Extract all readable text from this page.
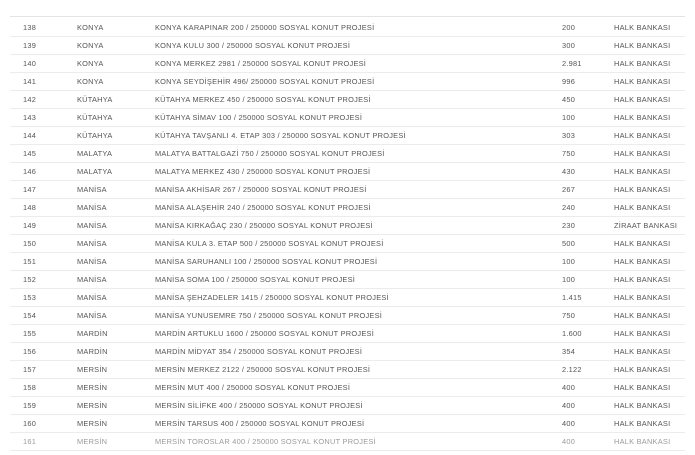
138	KONYA	KONYA KARAPINAR 200 / 250000 SOSYAL KONUT PROJESİ	200	HALK BANKASI
139	KONYA	KONYA KULU 300 / 250000 SOSYAL KONUT PROJESİ	300	HALK BANKASI
140	KONYA	KONYA MERKEZ 2981 / 250000 SOSYAL KONUT PROJESİ	2.981	HALK BANKASI
141	KONYA	KONYA SEYDİŞEHİR 496/ 250000 SOSYAL KONUT PROJESİ	996	HALK BANKASI
142	KÜTAHYA	KÜTAHYA MERKEZ 450 / 250000 SOSYAL KONUT PROJESİ	450	HALK BANKASI
143	KÜTAHYA	KÜTAHYA SİMAV 100 / 250000 SOSYAL KONUT PROJESİ	100	HALK BANKASI
144	KÜTAHYA	KÜTAHYA TAVŞANLI 4. ETAP 303 / 250000 SOSYAL KONUT PROJESİ	303	HALK BANKASI
145	MALATYA	MALATYA BATTALGAZİ 750 / 250000 SOSYAL KONUT PROJESİ	750	HALK BANKASI
146	MALATYA	MALATYA MERKEZ 430 / 250000 SOSYAL KONUT PROJESİ	430	HALK BANKASI
147	MANİSA	MANİSA AKHİSAR 267 / 250000 SOSYAL KONUT PROJESİ	267	HALK BANKASI
148	MANİSA	MANİSA ALAŞEHİR 240 / 250000 SOSYAL KONUT PROJESİ	240	HALK BANKASI
149	MANİSA	MANİSA KIRKAĞAÇ 230 / 250000 SOSYAL KONUT PROJESİ	230	ZİRAAT BANKASI
150	MANİSA	MANİSA KULA 3. ETAP 500 / 250000 SOSYAL KONUT PROJESİ	500	HALK BANKASI
151	MANİSA	MANİSA SARUHANLI 100 / 250000 SOSYAL KONUT PROJESİ	100	HALK BANKASI
152	MANİSA	MANİSA SOMA 100 / 250000 SOSYAL KONUT PROJESİ	100	HALK BANKASI
153	MANİSA	MANİSA ŞEHZADELER 1415 / 250000 SOSYAL KONUT PROJESİ	1.415	HALK BANKASI
154	MANİSA	MANİSA YUNUSEMRE 750 / 250000 SOSYAL KONUT PROJESİ	750	HALK BANKASI
155	MARDİN	MARDİN ARTUKLU 1600 / 250000 SOSYAL KONUT PROJESİ	1.600	HALK BANKASI
156	MARDİN	MARDİN MİDYAT 354 / 250000 SOSYAL KONUT PROJESİ	354	HALK BANKASI
157	MERSİN	MERSİN MERKEZ 2122 / 250000 SOSYAL KONUT PROJESİ	2.122	HALK BANKASI
158	MERSİN	MERSİN MUT 400 / 250000 SOSYAL KONUT PROJESİ	400	HALK BANKASI
159	MERSİN	MERSİN SİLİFKE 400 / 250000 SOSYAL KONUT PROJESİ	400	HALK BANKASI
160	MERSİN	MERSİN TARSUS 400 / 250000 SOSYAL KONUT PROJESİ	400	HALK BANKASI
161	MERSİN	MERSİN TOROSLAR 400 / 250000 SOSYAL KONUT PROJESİ	400	HALK BANKASI
